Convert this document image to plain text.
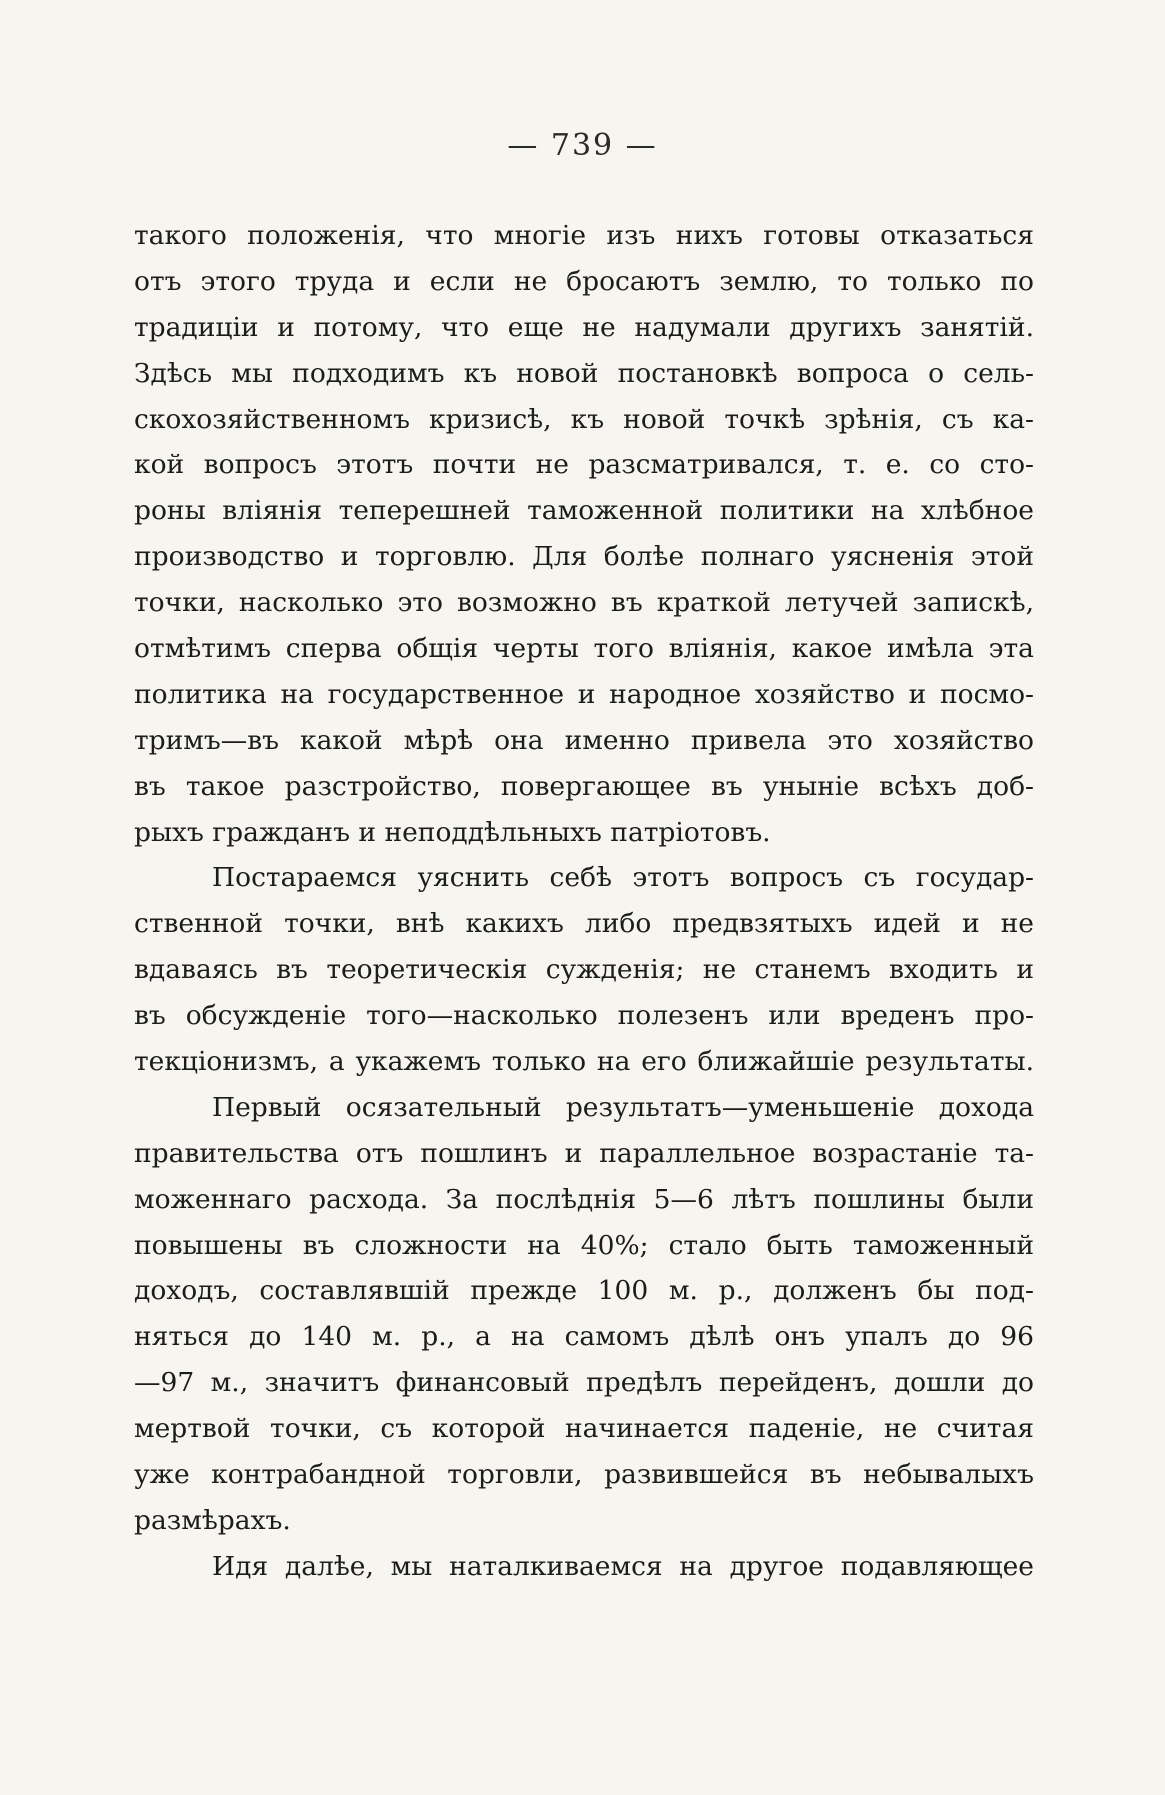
— 739 —
такого положенія, что многіе изъ нихъ готовы отказаться
отъ этого труда и если не бросаютъ землю, то только по
традиціи и потому, что еще не надумали другихъ занятій.
Здѣсь мы подходимъ къ новой постановкѣ вопроса о сель-
скохозяйственномъ кризисѣ, къ новой точкѣ зрѣнія, съ ка-
кой вопросъ этотъ почти не разсматривался, т. е. со сто-
роны вліянія теперешней таможенной политики на хлѣбное
производство и торговлю. Для болѣе полнаго уясненія этой
точки, насколько это возможно въ краткой летучей запискѣ,
отмѣтимъ сперва общія черты того вліянія, какое имѣла эта
политика на государственное и народное хозяйство и посмо-
тримъ—въ какой мѣрѣ она именно привела это хозяйство
въ такое разстройство, повергающее въ уныніе всѣхъ доб-
рыхъ гражданъ и неподдѣльныхъ патріотовъ.
Постараемся уяснить себѣ этотъ вопросъ съ государ-
ственной точки, внѣ какихъ либо предвзятыхъ идей и не
вдаваясь въ теоретическія сужденія; не станемъ входить и
въ обсужденіе того—насколько полезенъ или вреденъ про-
текціонизмъ, а укажемъ только на его ближайшіе результаты.
Первый осязательный результатъ—уменьшеніе дохода
правительства отъ пошлинъ и параллельное возрастаніе та-
моженнаго расхода. За послѣднія 5—6 лѣтъ пошлины были
повышены въ сложности на 40%; стало быть таможенный
доходъ, составлявшій прежде 100 м. р., долженъ бы под-
няться до 140 м. р., а на самомъ дѣлѣ онъ упалъ до 96
—97 м., значитъ финансовый предѣлъ перейденъ, дошли до
мертвой точки, съ которой начинается паденіе, не считая
уже контрабандной торговли, развившейся въ небывалыхъ
размѣрахъ.
Идя далѣе, мы наталкиваемся на другое подавляющее
